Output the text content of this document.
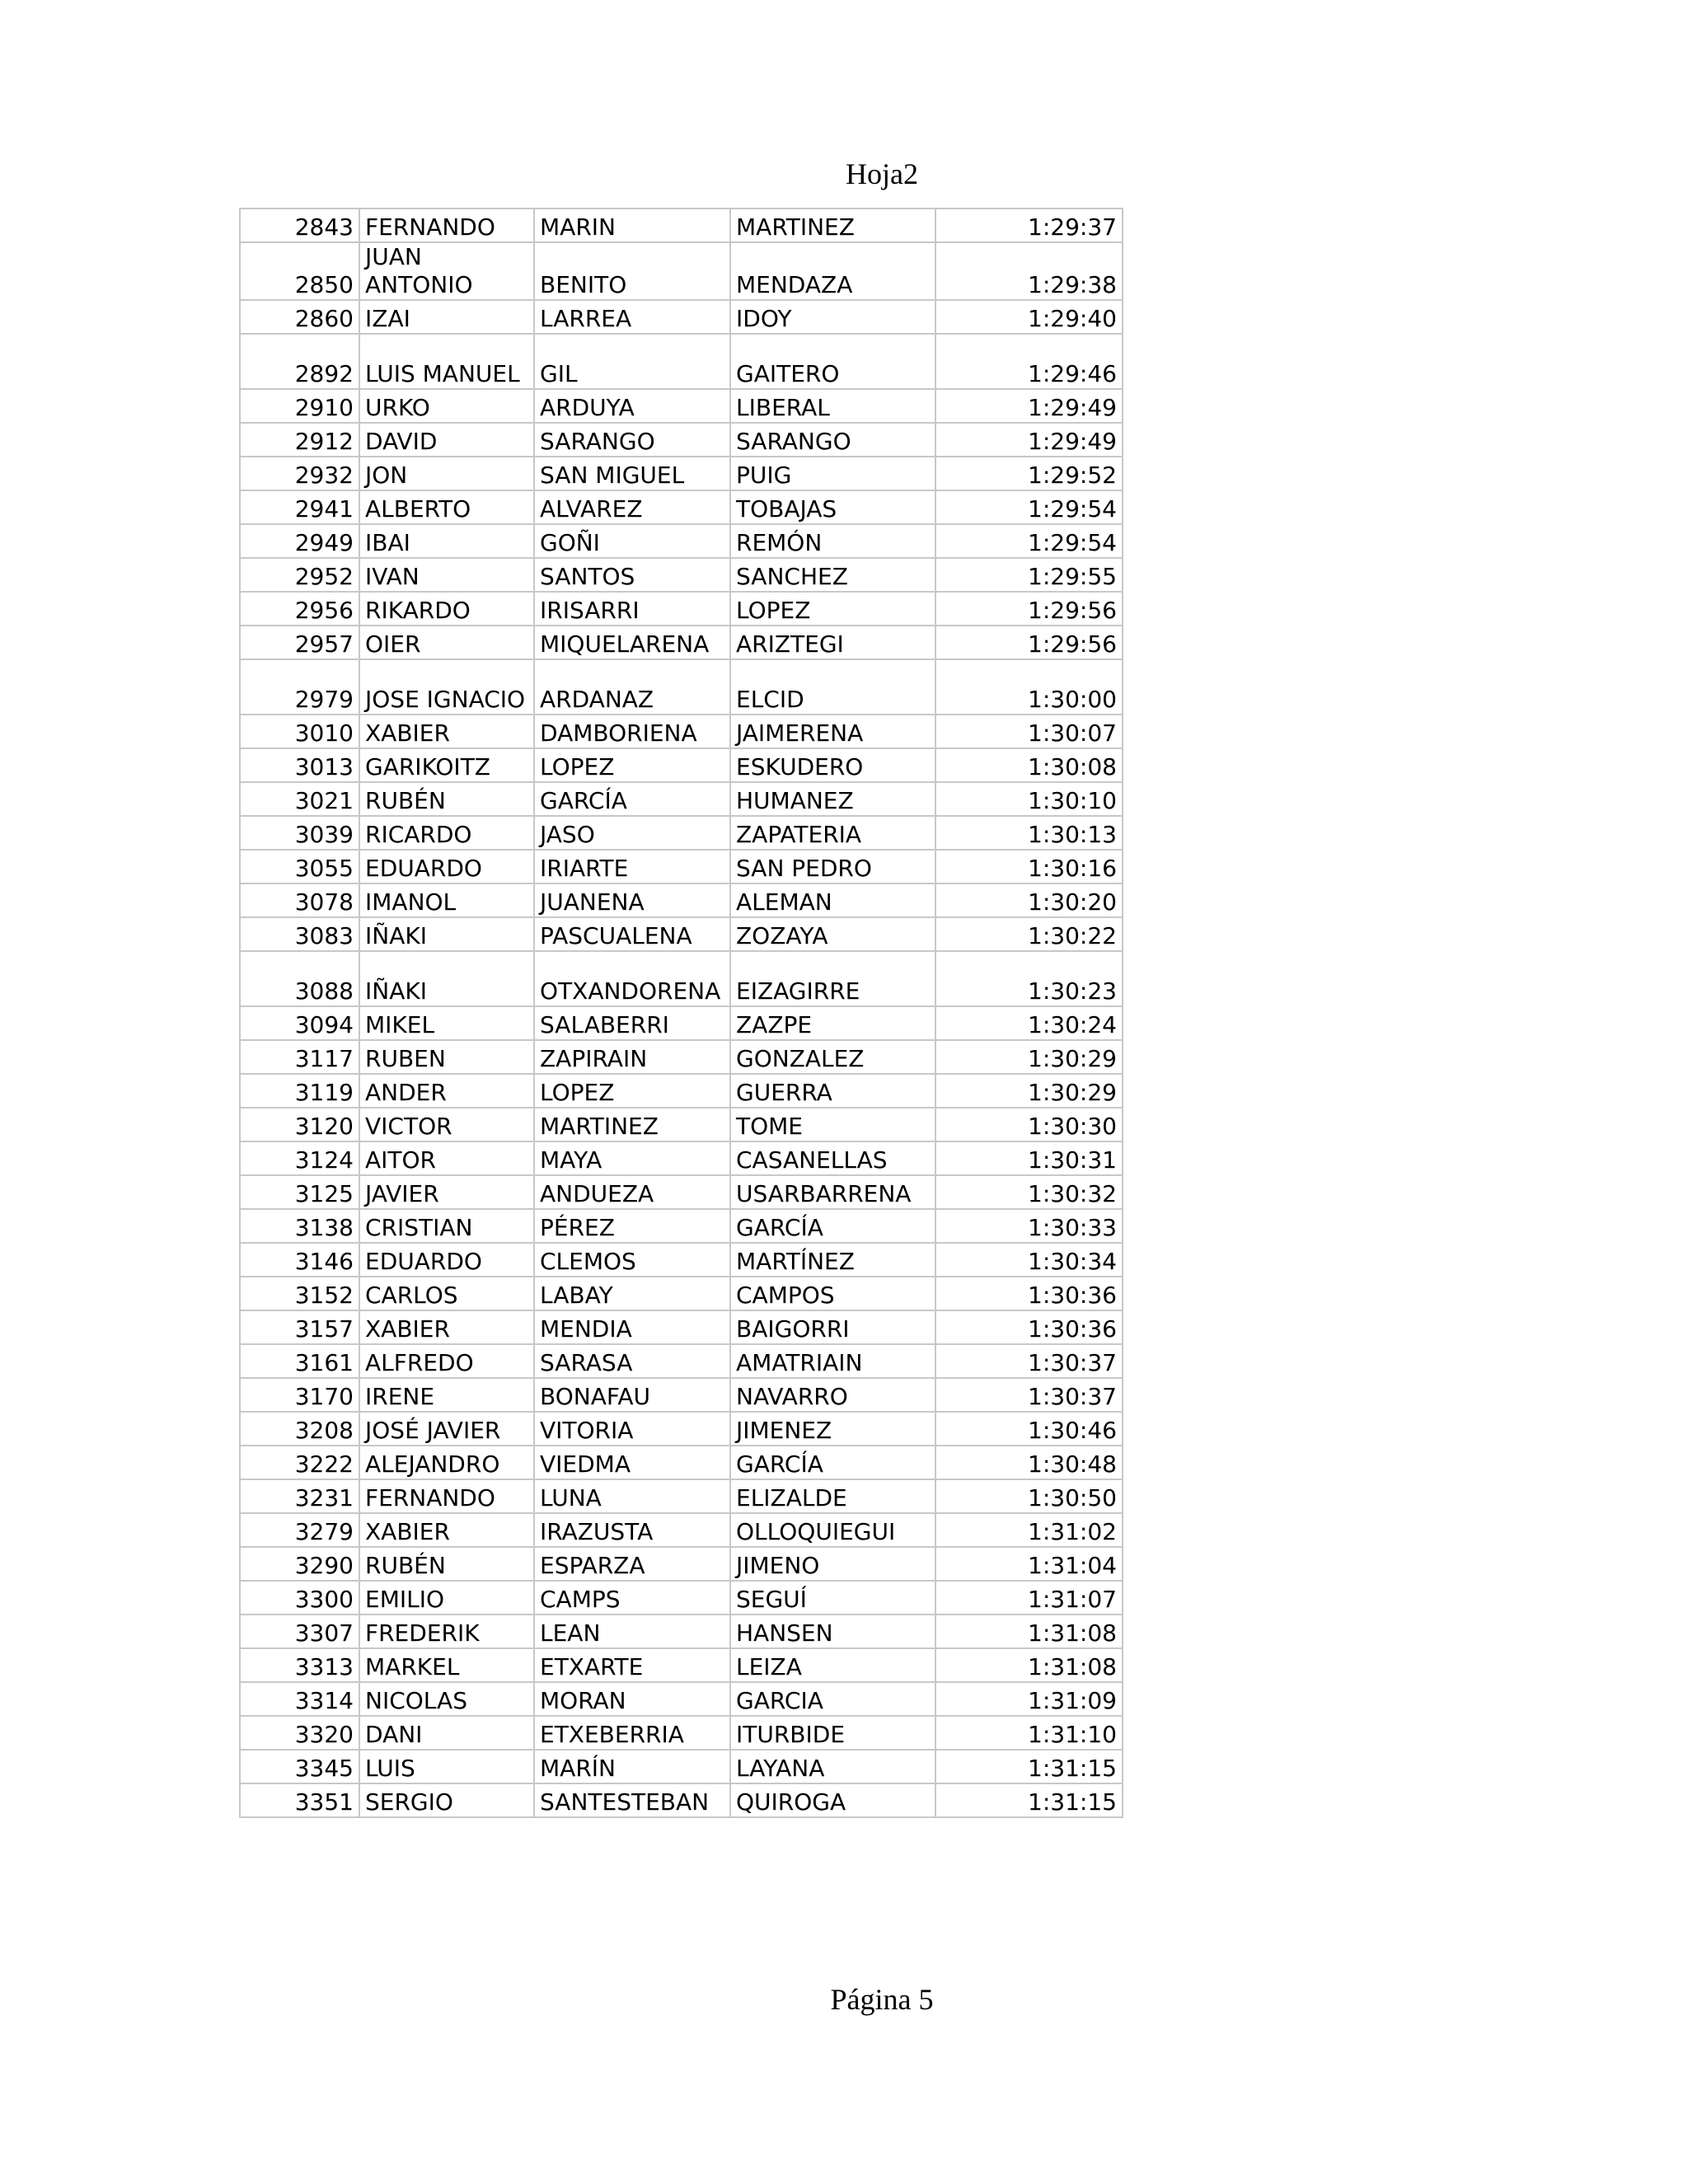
Hoja2
2843	FERNANDO	MARIN	MARTINEZ	1:29:37
2850	JUAN ANTONIO	BENITO	MENDAZA	1:29:38
2860	IZAI	LARREA	IDOY	1:29:40
2892	LUIS MANUEL	GIL	GAITERO	1:29:46
2910	URKO	ARDUYA	LIBERAL	1:29:49
2912	DAVID	SARANGO	SARANGO	1:29:49
2932	JON	SAN MIGUEL	PUIG	1:29:52
2941	ALBERTO	ALVAREZ	TOBAJAS	1:29:54
2949	IBAI	GOÑI	REMÓN	1:29:54
2952	IVAN	SANTOS	SANCHEZ	1:29:55
2956	RIKARDO	IRISARRI	LOPEZ	1:29:56
2957	OIER	MIQUELARENA	ARIZTEGI	1:29:56
2979	JOSE IGNACIO	ARDANAZ	ELCID	1:30:00
3010	XABIER	DAMBORIENA	JAIMERENA	1:30:07
3013	GARIKOITZ	LOPEZ	ESKUDERO	1:30:08
3021	RUBÉN	GARCÍA	HUMANEZ	1:30:10
3039	RICARDO	JASO	ZAPATERIA	1:30:13
3055	EDUARDO	IRIARTE	SAN PEDRO	1:30:16
3078	IMANOL	JUANENA	ALEMAN	1:30:20
3083	IÑAKI	PASCUALENA	ZOZAYA	1:30:22
3088	IÑAKI	OTXANDORENA	EIZAGIRRE	1:30:23
3094	MIKEL	SALABERRI	ZAZPE	1:30:24
3117	RUBEN	ZAPIRAIN	GONZALEZ	1:30:29
3119	ANDER	LOPEZ	GUERRA	1:30:29
3120	VICTOR	MARTINEZ	TOME	1:30:30
3124	AITOR	MAYA	CASANELLAS	1:30:31
3125	JAVIER	ANDUEZA	USARBARRENA	1:30:32
3138	CRISTIAN	PÉREZ	GARCÍA	1:30:33
3146	EDUARDO	CLEMOS	MARTÍNEZ	1:30:34
3152	CARLOS	LABAY	CAMPOS	1:30:36
3157	XABIER	MENDIA	BAIGORRI	1:30:36
3161	ALFREDO	SARASA	AMATRIAIN	1:30:37
3170	IRENE	BONAFAU	NAVARRO	1:30:37
3208	JOSÉ JAVIER	VITORIA	JIMENEZ	1:30:46
3222	ALEJANDRO	VIEDMA	GARCÍA	1:30:48
3231	FERNANDO	LUNA	ELIZALDE	1:30:50
3279	XABIER	IRAZUSTA	OLLOQUIEGUI	1:31:02
3290	RUBÉN	ESPARZA	JIMENO	1:31:04
3300	EMILIO	CAMPS	SEGUÍ	1:31:07
3307	FREDERIK	LEAN	HANSEN	1:31:08
3313	MARKEL	ETXARTE	LEIZA	1:31:08
3314	NICOLAS	MORAN	GARCIA	1:31:09
3320	DANI	ETXEBERRIA	ITURBIDE	1:31:10
3345	LUIS	MARÍN	LAYANA	1:31:15
3351	SERGIO	SANTESTEBAN	QUIROGA	1:31:15
Página 5
